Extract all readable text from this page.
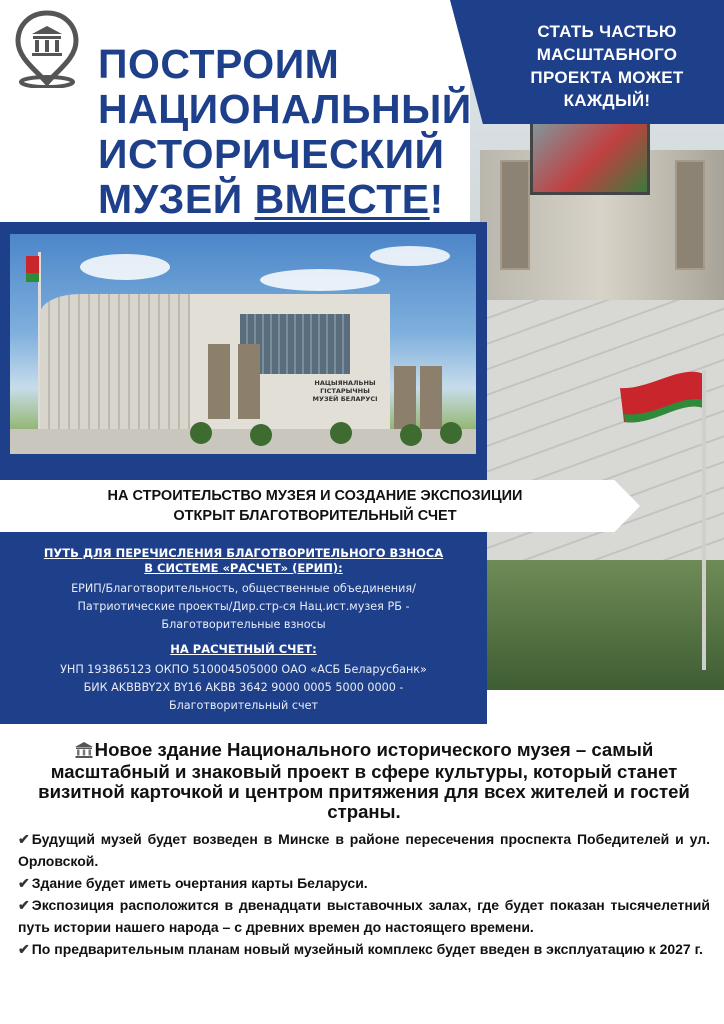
СТАТЬ ЧАСТЬЮ
МАСШТАБНОГО
ПРОЕКТА МОЖЕТ
КАЖДЫЙ!
ПОСТРОИМ
НАЦИОНАЛЬНЫЙ
ИСТОРИЧЕСКИЙ
МУЗЕЙ ВМЕСТЕ!
НАЦЫЯНАЛЬНЫ ГІСТАРЫЧНЫ
МУЗЕЙ БЕЛАРУСІ
НА СТРОИТЕЛЬСТВО МУЗЕЯ И СОЗДАНИЕ ЭКСПОЗИЦИИ
ОТКРЫТ БЛАГОТВОРИТЕЛЬНЫЙ СЧЕТ
ПУТЬ ДЛЯ ПЕРЕЧИСЛЕНИЯ БЛАГОТВОРИТЕЛЬНОГО ВЗНОСА
В СИСТЕМЕ «РАСЧЕТ» (ЕРИП):
ЕРИП/Благотворительность, общественные объединения/
Патриотические проекты/Дир.стр-ся Нац.ист.музея РБ -
Благотворительные взносы
НА РАСЧЕТНЫЙ СЧЕТ:
УНП 193865123 ОКПО 510004505000 ОАО «АСБ Беларусбанк»
БИК AKBBBY2X BY16 AKBB 3642 9000 0005 5000 0000 -
Благотворительный счет
Новое здание Национального исторического музея – самый масштабный и знаковый проект в сфере культуры, который станет визитной карточкой и центром притяжения для всех жителей и гостей страны.
✔ Будущий музей будет возведен в Минске в районе пересечения проспекта Победителей и ул. Орловской.
✔ Здание будет иметь очертания карты Беларуси.
✔ Экспозиция расположится в двенадцати выставочных залах, где будет показан тысячелетний путь истории нашего народа – с древних времен до настоящего времени.
✔ По предварительным планам новый музейный комплекс будет введен в эксплуатацию к 2027 г.
